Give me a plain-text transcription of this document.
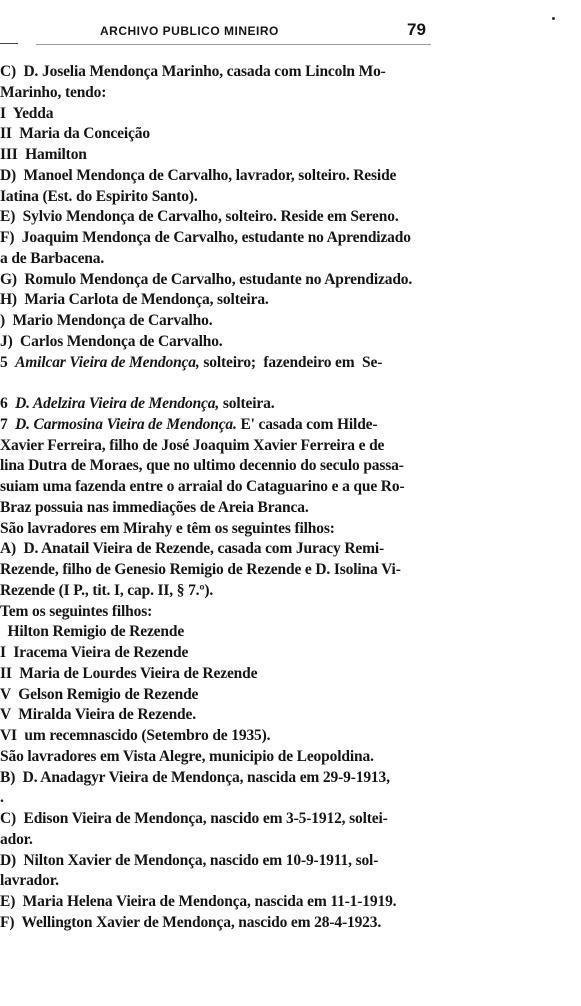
ARCHIVO PUBLICO MINEIRO	79
C)  D. Joselia Mendonça Marinho, casada com Lincoln Mo-
Marinho, tendo:
I  Yedda
II  Maria da Conceição
III  Hamilton
D)  Manoel Mendonça de Carvalho, lavrador, solteiro. Reside
Iatina (Est. do Espirito Santo).
E)  Sylvio Mendonça de Carvalho, solteiro. Reside em Sereno.
F)  Joaquim Mendonça de Carvalho, estudante no Aprendizado
a de Barbacena.
G)  Romulo Mendonça de Carvalho, estudante no Aprendizado.
H)  Maria Carlota de Mendonça, solteira.
)  Mario Mendonça de Carvalho.
J)  Carlos Mendonça de Carvalho.
5  Amilcar Vieira de Mendonça, solteiro;  fazendeiro em  Se-
6  D. Adelzira Vieira de Mendonça, solteira.
7  D. Carmosina Vieira de Mendonça. E' casada com Hilde-
Xavier Ferreira, filho de José Joaquim Xavier Ferreira e de
lina Dutra de Moraes, que no ultimo decennio do seculo passa-
suiam uma fazenda entre o arraial do Cataguarino e a que Ro-
Braz possuia nas immediações de Areia Branca.
São lavradores em Mirahy e têm os seguintes filhos:
A)  D. Anatail Vieira de Rezende, casada com Juracy Remi-
Rezende, filho de Genesio Remigio de Rezende e D. Isolina Vi-
Rezende (I P., tit. I, cap. II, § 7.º).
Tem os seguintes filhos:
Hilton Remigio de Rezende
I  Iracema Vieira de Rezende
II  Maria de Lourdes Vieira de Rezende
V  Gelson Remigio de Rezende
V  Miralda Vieira de Rezende.
VI  um recemnascido (Setembro de 1935).
São lavradores em Vista Alegre, municipio de Leopoldina.
B)  D. Anadagyr Vieira de Mendonça, nascida em 29-9-1913,
.
C)  Edison Vieira de Mendonça, nascido em 3-5-1912, soltei-
ador.
D)  Nilton Xavier de Mendonça, nascido em 10-9-1911, sol-
lavrador.
E)  Maria Helena Vieira de Mendonça, nascida em 11-1-1919.
F)  Wellington Xavier de Mendonça, nascido em 28-4-1923.
